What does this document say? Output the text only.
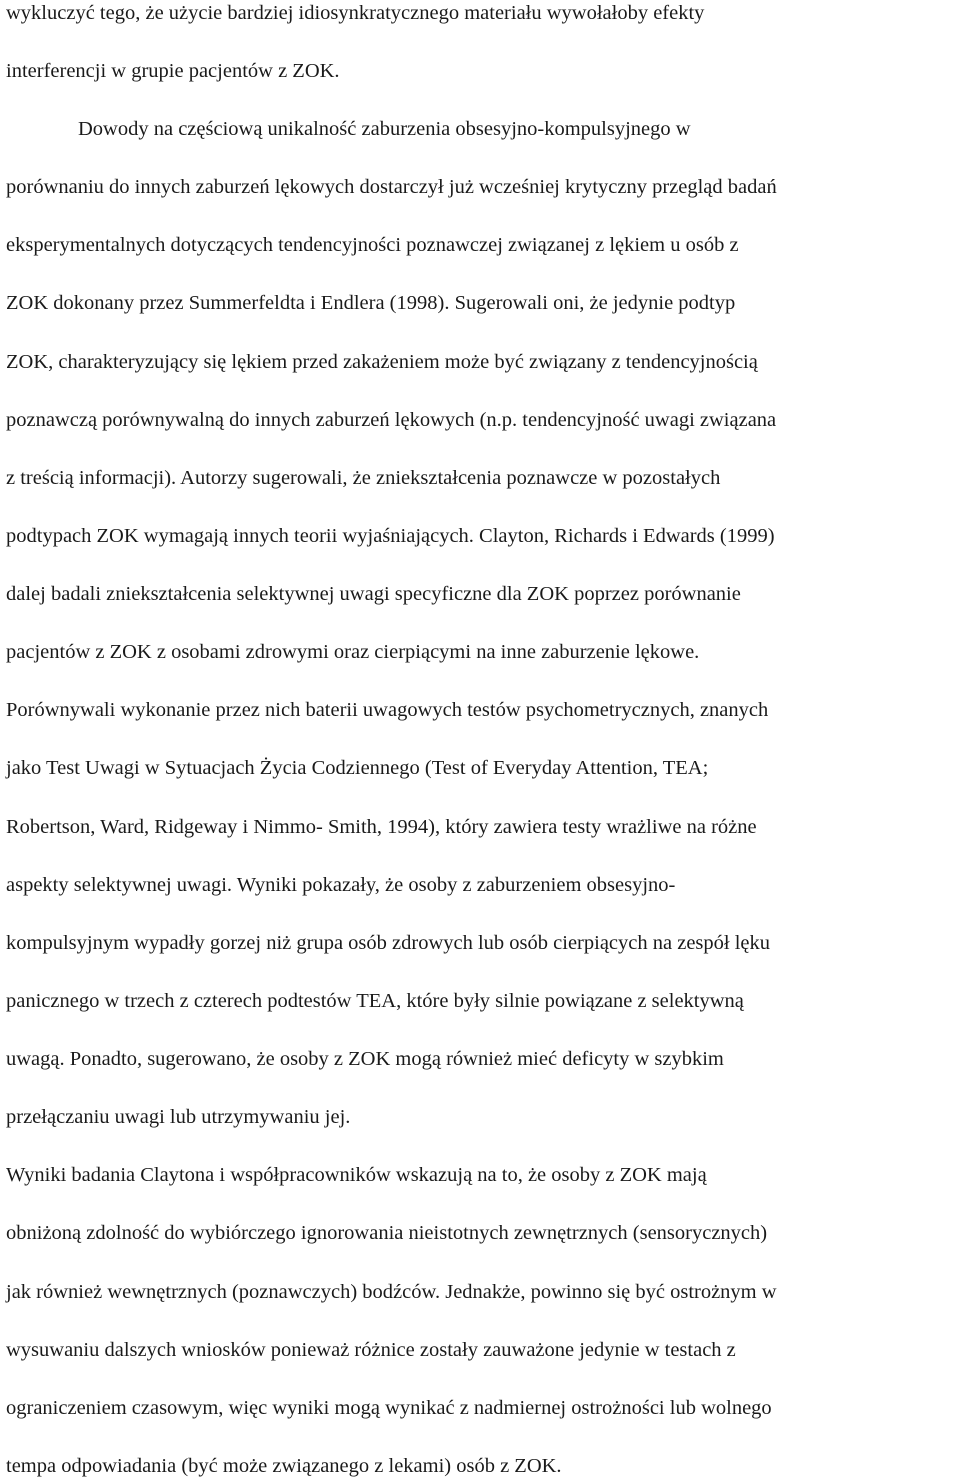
wykluczyć tego, że użycie bardziej idiosynkratycznego materiału wywołałoby efekty
interferencji w grupie pacjentów z ZOK.
Dowody na częściową unikalność zaburzenia obsesyjno-kompulsyjnego w
porównaniu do innych zaburzeń lękowych dostarczył już wcześniej krytyczny przegląd badań
eksperymentalnych dotyczących tendencyjności poznawczej związanej z lękiem u osób z
ZOK dokonany przez Summerfeldta i Endlera (1998). Sugerowali oni, że jedynie podtyp
ZOK, charakteryzujący się lękiem przed zakażeniem może być związany z tendencyjnością
poznawczą porównywalną do innych zaburzeń lękowych (n.p. tendencyjność uwagi związana
z treścią informacji). Autorzy sugerowali, że zniekształcenia poznawcze w pozostałych
podtypach ZOK wymagają innych teorii wyjaśniających. Clayton, Richards i Edwards (1999)
dalej badali zniekształcenia selektywnej uwagi specyficzne dla ZOK poprzez porównanie
pacjentów z ZOK z osobami zdrowymi oraz cierpiącymi na inne zaburzenie lękowe.
Porównywali wykonanie przez nich baterii uwagowych testów psychometrycznych, znanych
jako Test Uwagi w Sytuacjach Życia Codziennego (Test of Everyday Attention, TEA;
Robertson, Ward, Ridgeway i Nimmo- Smith, 1994), który zawiera testy wrażliwe na różne
aspekty selektywnej uwagi. Wyniki pokazały, że osoby z zaburzeniem obsesyjno-
kompulsyjnym wypadły gorzej niż grupa osób zdrowych lub osób cierpiących na zespół lęku
panicznego w trzech z czterech podtestów TEA, które były silnie powiązane z selektywną
uwagą. Ponadto, sugerowano, że osoby z ZOK mogą również mieć deficyty w szybkim
przełączaniu uwagi lub utrzymywaniu jej.
Wyniki badania Claytona i współpracowników wskazują na to, że osoby z ZOK mają
obniżoną zdolność do wybiórczego ignorowania nieistotnych zewnętrznych (sensorycznych)
jak również wewnętrznych (poznawczych) bodźców. Jednakże, powinno się być ostrożnym w
wysuwaniu dalszych wniosków ponieważ różnice zostały zauważone jedynie w testach z
ograniczeniem czasowym, więc wyniki mogą wynikać z nadmiernej ostrożności lub wolnego
tempa odpowiadania (być może związanego z lekami) osób z ZOK.
